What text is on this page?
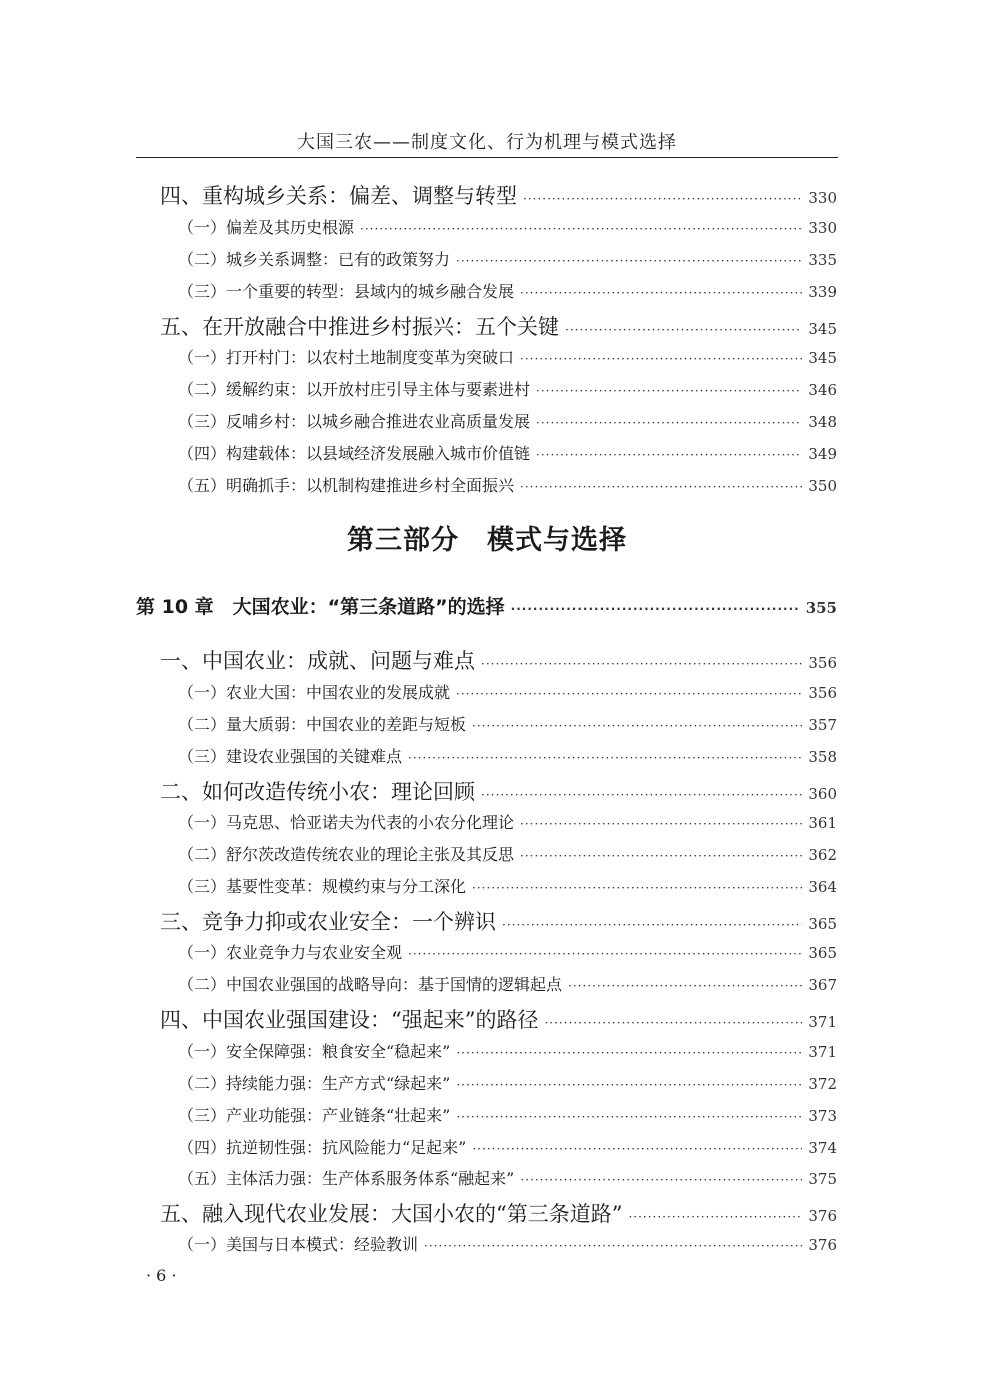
大国三农——制度文化、行为机理与模式选择
四、重构城乡关系：偏差、调整与转型 ·····	330
（一）偏差及其历史根源 ·····	330
（二）城乡关系调整：已有的政策努力 ·····	335
（三）一个重要的转型：县域内的城乡融合发展 ·····	339
五、在开放融合中推进乡村振兴：五个关键 ·····	345
（一）打开村门：以农村土地制度变革为突破口 ·····	345
（二）缓解约束：以开放村庄引导主体与要素进村 ·····	346
（三）反哺乡村：以城乡融合推进农业高质量发展 ·····	348
（四）构建载体：以县域经济发展融入城市价值链 ·····	349
（五）明确抓手：以机制构建推进乡村全面振兴 ·····	350
第 10 章　大国农业：“第三条道路”的选择 ·····	355
一、中国农业：成就、问题与难点 ·····	356
（一）农业大国：中国农业的发展成就 ·····	356
（二）量大质弱：中国农业的差距与短板 ·····	357
（三）建设农业强国的关键难点 ·····	358
二、如何改造传统小农：理论回顾 ·····	360
（一）马克思、恰亚诺夫为代表的小农分化理论 ·····	361
（二）舒尔茨改造传统农业的理论主张及其反思 ·····	362
（三）基要性变革：规模约束与分工深化 ·····	364
三、竞争力抑或农业安全：一个辨识 ·····	365
（一）农业竞争力与农业安全观 ·····	365
（二）中国农业强国的战略导向：基于国情的逻辑起点 ·····	367
四、中国农业强国建设：“强起来”的路径 ·····	371
（一）安全保障强：粮食安全“稳起来” ·····	371
（二）持续能力强：生产方式“绿起来” ·····	372
（三）产业功能强：产业链条“壮起来” ·····	373
（四）抗逆韧性强：抗风险能力“足起来” ·····	374
（五）主体活力强：生产体系服务体系“融起来” ·····	375
五、融入现代农业发展：大国小农的“第三条道路” ·····	376
（一）美国与日本模式：经验教训 ·····	376
第三部分　模式与选择
· 6 ·
